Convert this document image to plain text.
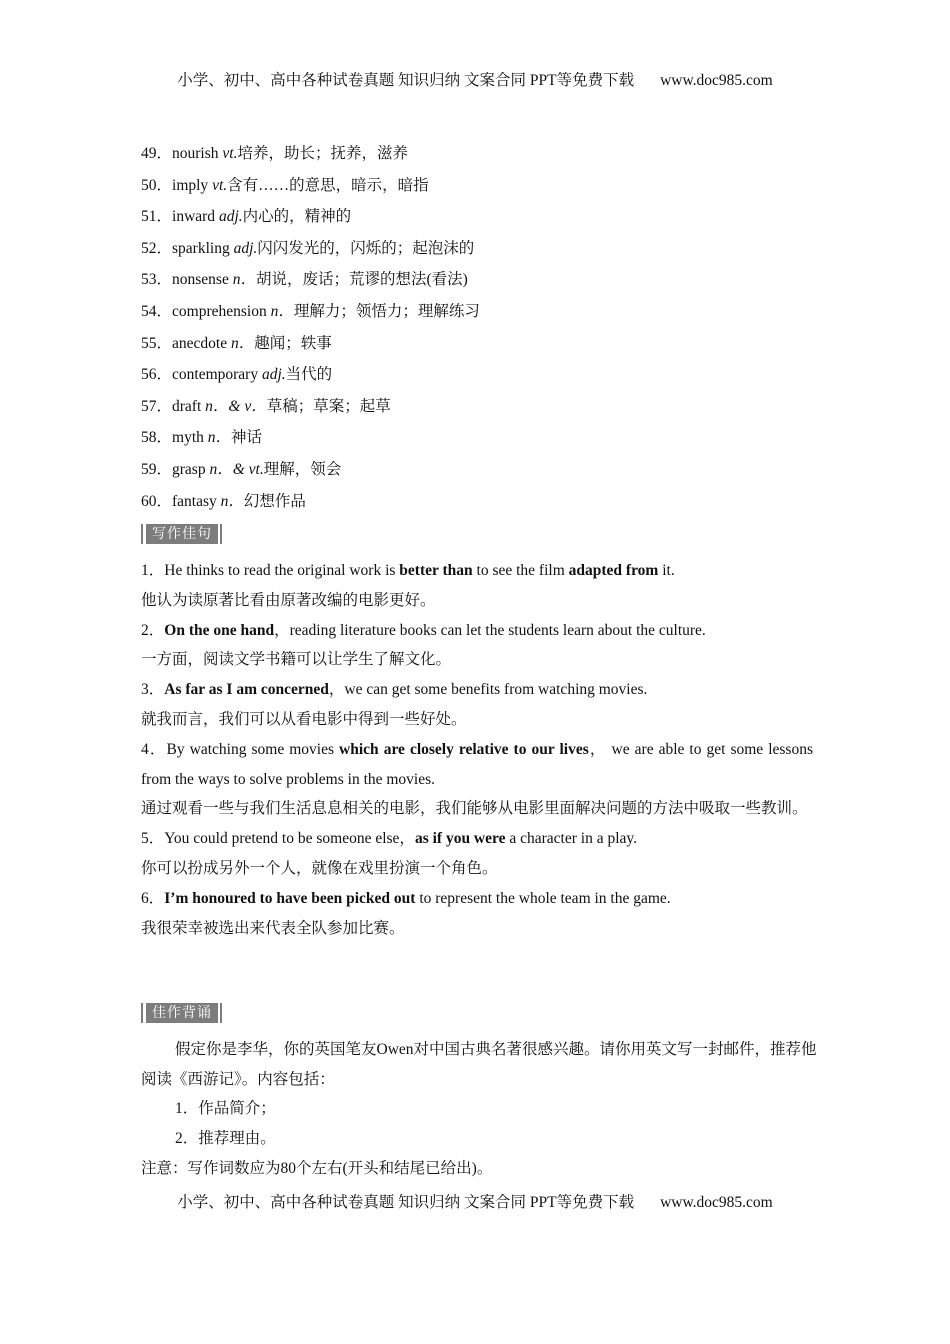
小学、初中、高中各种试卷真题 知识归纳 文案合同 PPT等免费下载 www.doc985.com
49．nourish vt.培养，助长；抚养，滋养
50．imply vt.含有……的意思，暗示，暗指
51．inward adj.内心的，精神的
52．sparkling adj.闪闪发光的，闪烁的；起泡沫的
53．nonsense n．胡说，废话；荒谬的想法(看法)
54．comprehension n．理解力；领悟力；理解练习
55．anecdote n．趣闻；轶事
56．contemporary adj.当代的
57．draft n．& v．草稿；草案；起草
58．myth n．神话
59．grasp n．& vt.理解，领会
60．fantasy n．幻想作品
写作佳句
1．He thinks to read the original work is better than to see the film adapted from it.
他认为读原著比看由原著改编的电影更好。
2．On the one hand，reading literature books can let the students learn about the culture.
一方面，阅读文学书籍可以让学生了解文化。
3．As far as I am concerned，we can get some benefits from watching movies.
就我而言，我们可以从看电影中得到一些好处。
4．By watching some movies which are closely relative to our lives， we are able to get some lessons from the ways to solve problems in the movies.
通过观看一些与我们生活息息相关的电影，我们能够从电影里面解决问题的方法中吸取一些教训。
5．You could pretend to be someone else，as if you were a character in a play.
你可以扮成另外一个人，就像在戏里扮演一个角色。
6．I’m honoured to have been picked out to represent the whole team in the game.
我很荣幸被选出来代表全队参加比赛。
佳作背诵
假定你是李华，你的英国笔友Owen对中国古典名著很感兴趣。请你用英文写一封邮件，推荐他阅读《西游记》。内容包括：
1．作品简介；
2．推荐理由。
注意：写作词数应为80个左右(开头和结尾已给出)。
小学、初中、高中各种试卷真题 知识归纳 文案合同 PPT等免费下载 www.doc985.com
